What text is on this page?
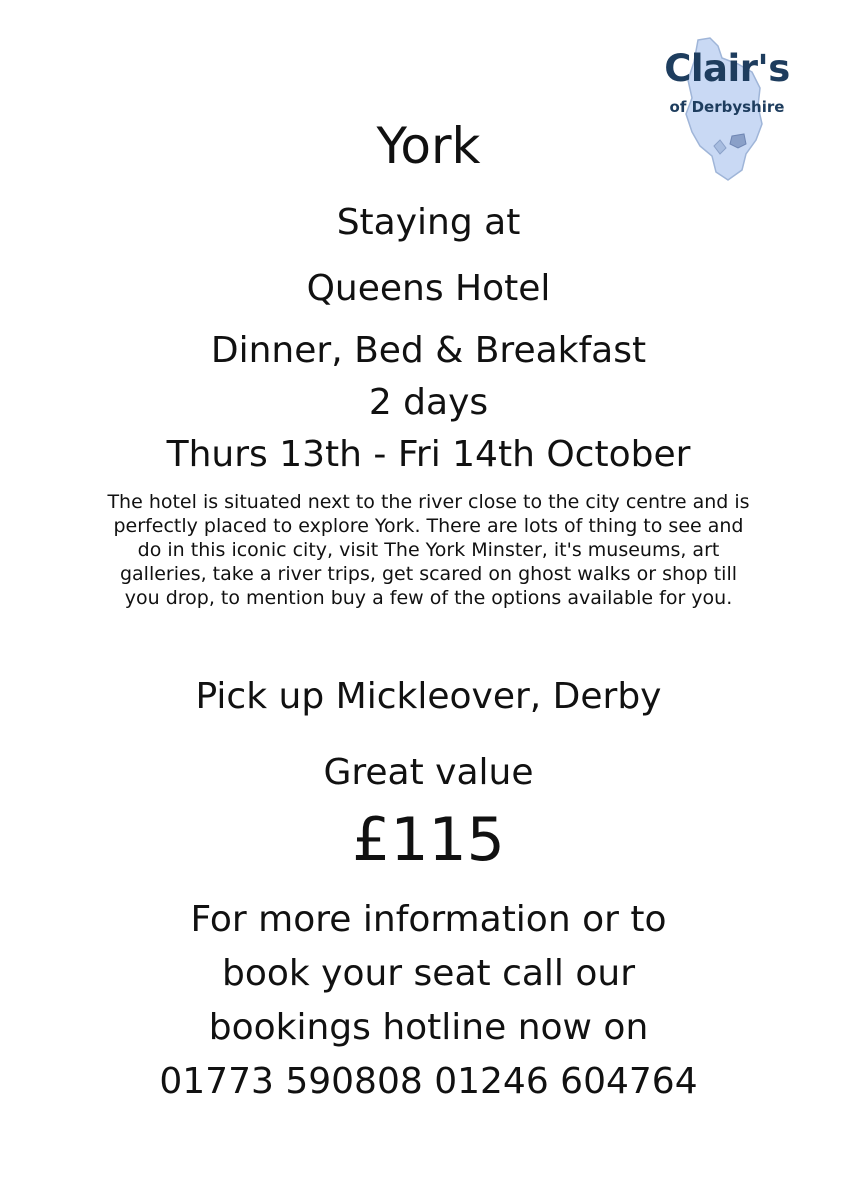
Clair's
of Derbyshire
York
Staying at
Queens Hotel
Dinner, Bed & Breakfast
2 days
Thurs 13th - Fri 14th October

The hotel is situated next to the river close to the city centre and is perfectly placed to explore York. There are lots of thing to see and do in this iconic city, visit The York Minster, it's museums, art galleries, take a river trips, get scared on ghost walks or shop till you drop, to mention buy a few of the options available for you.

Pick up Mickleover, Derby
Great value
£115
For more information or to
book your seat call our
bookings hotline now on
01773 590808 01246 604764
